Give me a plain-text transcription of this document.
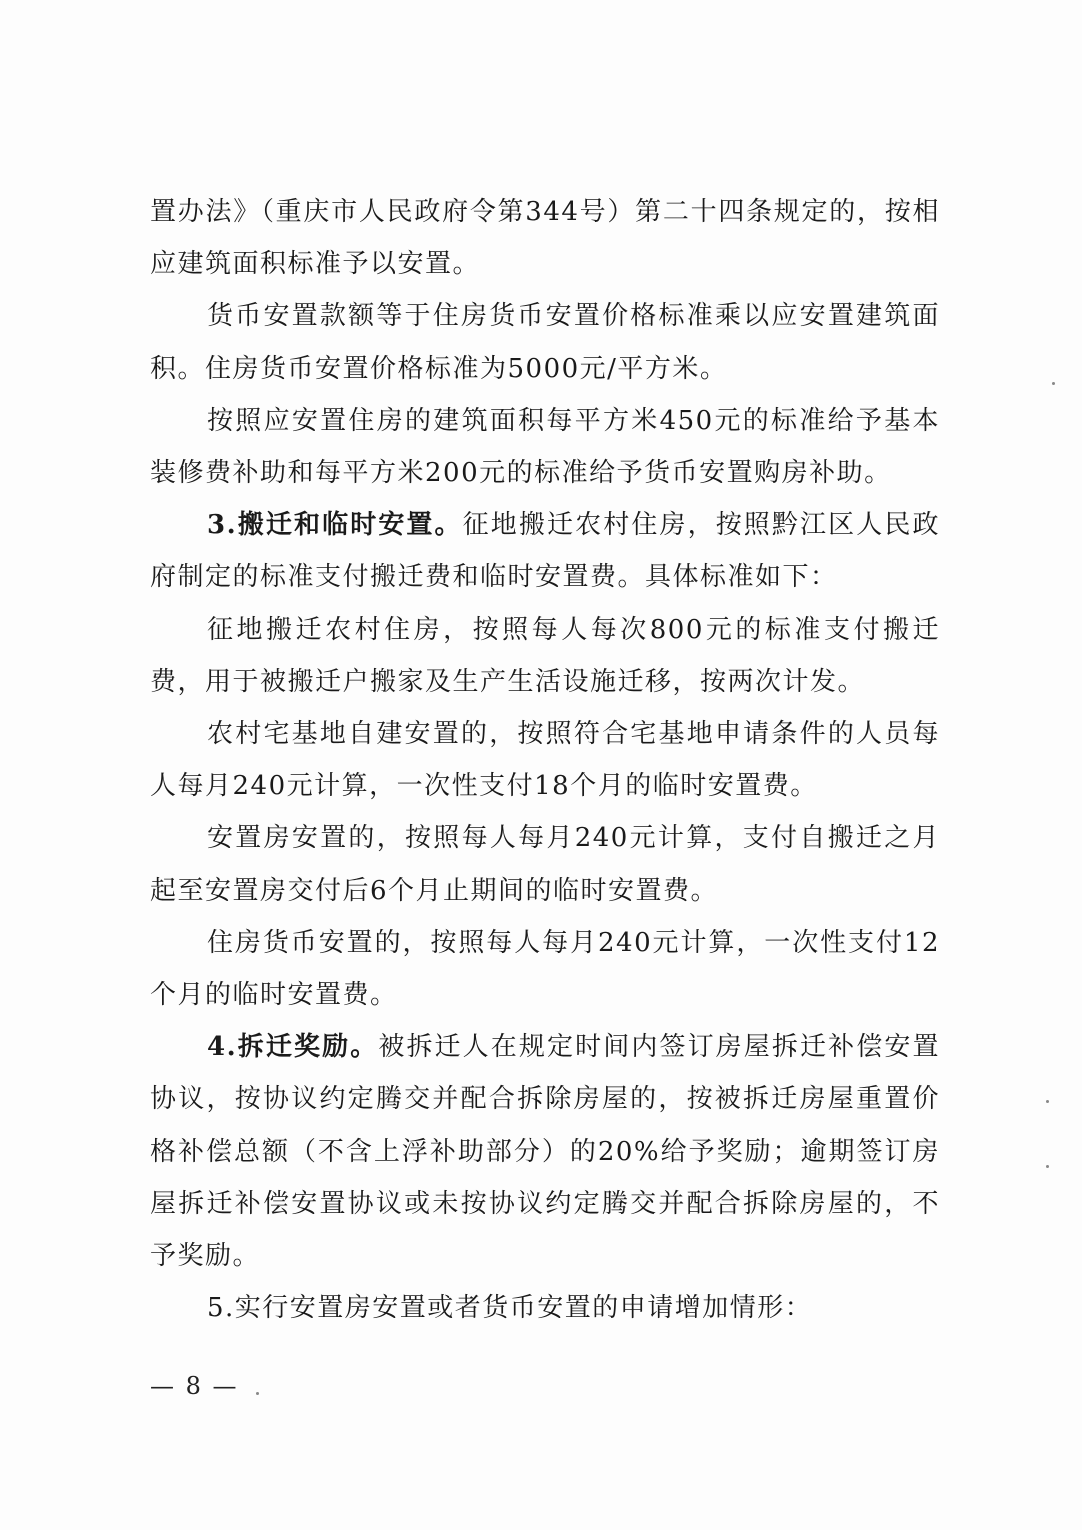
置办法》（重庆市人民政府令第344号）第二十四条规定的，按相应建筑面积标准予以安置。

货币安置款额等于住房货币安置价格标准乘以应安置建筑面积。住房货币安置价格标准为5000元/平方米。

按照应安置住房的建筑面积每平方米450元的标准给予基本装修费补助和每平方米200元的标准给予货币安置购房补助。

3.搬迁和临时安置。征地搬迁农村住房，按照黔江区人民政府制定的标准支付搬迁费和临时安置费。具体标准如下：

征地搬迁农村住房，按照每人每次800元的标准支付搬迁费，用于被搬迁户搬家及生产生活设施迁移，按两次计发。

农村宅基地自建安置的，按照符合宅基地申请条件的人员每人每月240元计算，一次性支付18个月的临时安置费。

安置房安置的，按照每人每月240元计算，支付自搬迁之月起至安置房交付后6个月止期间的临时安置费。

住房货币安置的，按照每人每月240元计算，一次性支付12个月的临时安置费。

4.拆迁奖励。被拆迁人在规定时间内签订房屋拆迁补偿安置协议，按协议约定腾交并配合拆除房屋的，按被拆迁房屋重置价格补偿总额（不含上浮补助部分）的20%给予奖励；逾期签订房屋拆迁补偿安置协议或未按协议约定腾交并配合拆除房屋的，不予奖励。

5.实行安置房安置或者货币安置的申请增加情形：

— 8 —
